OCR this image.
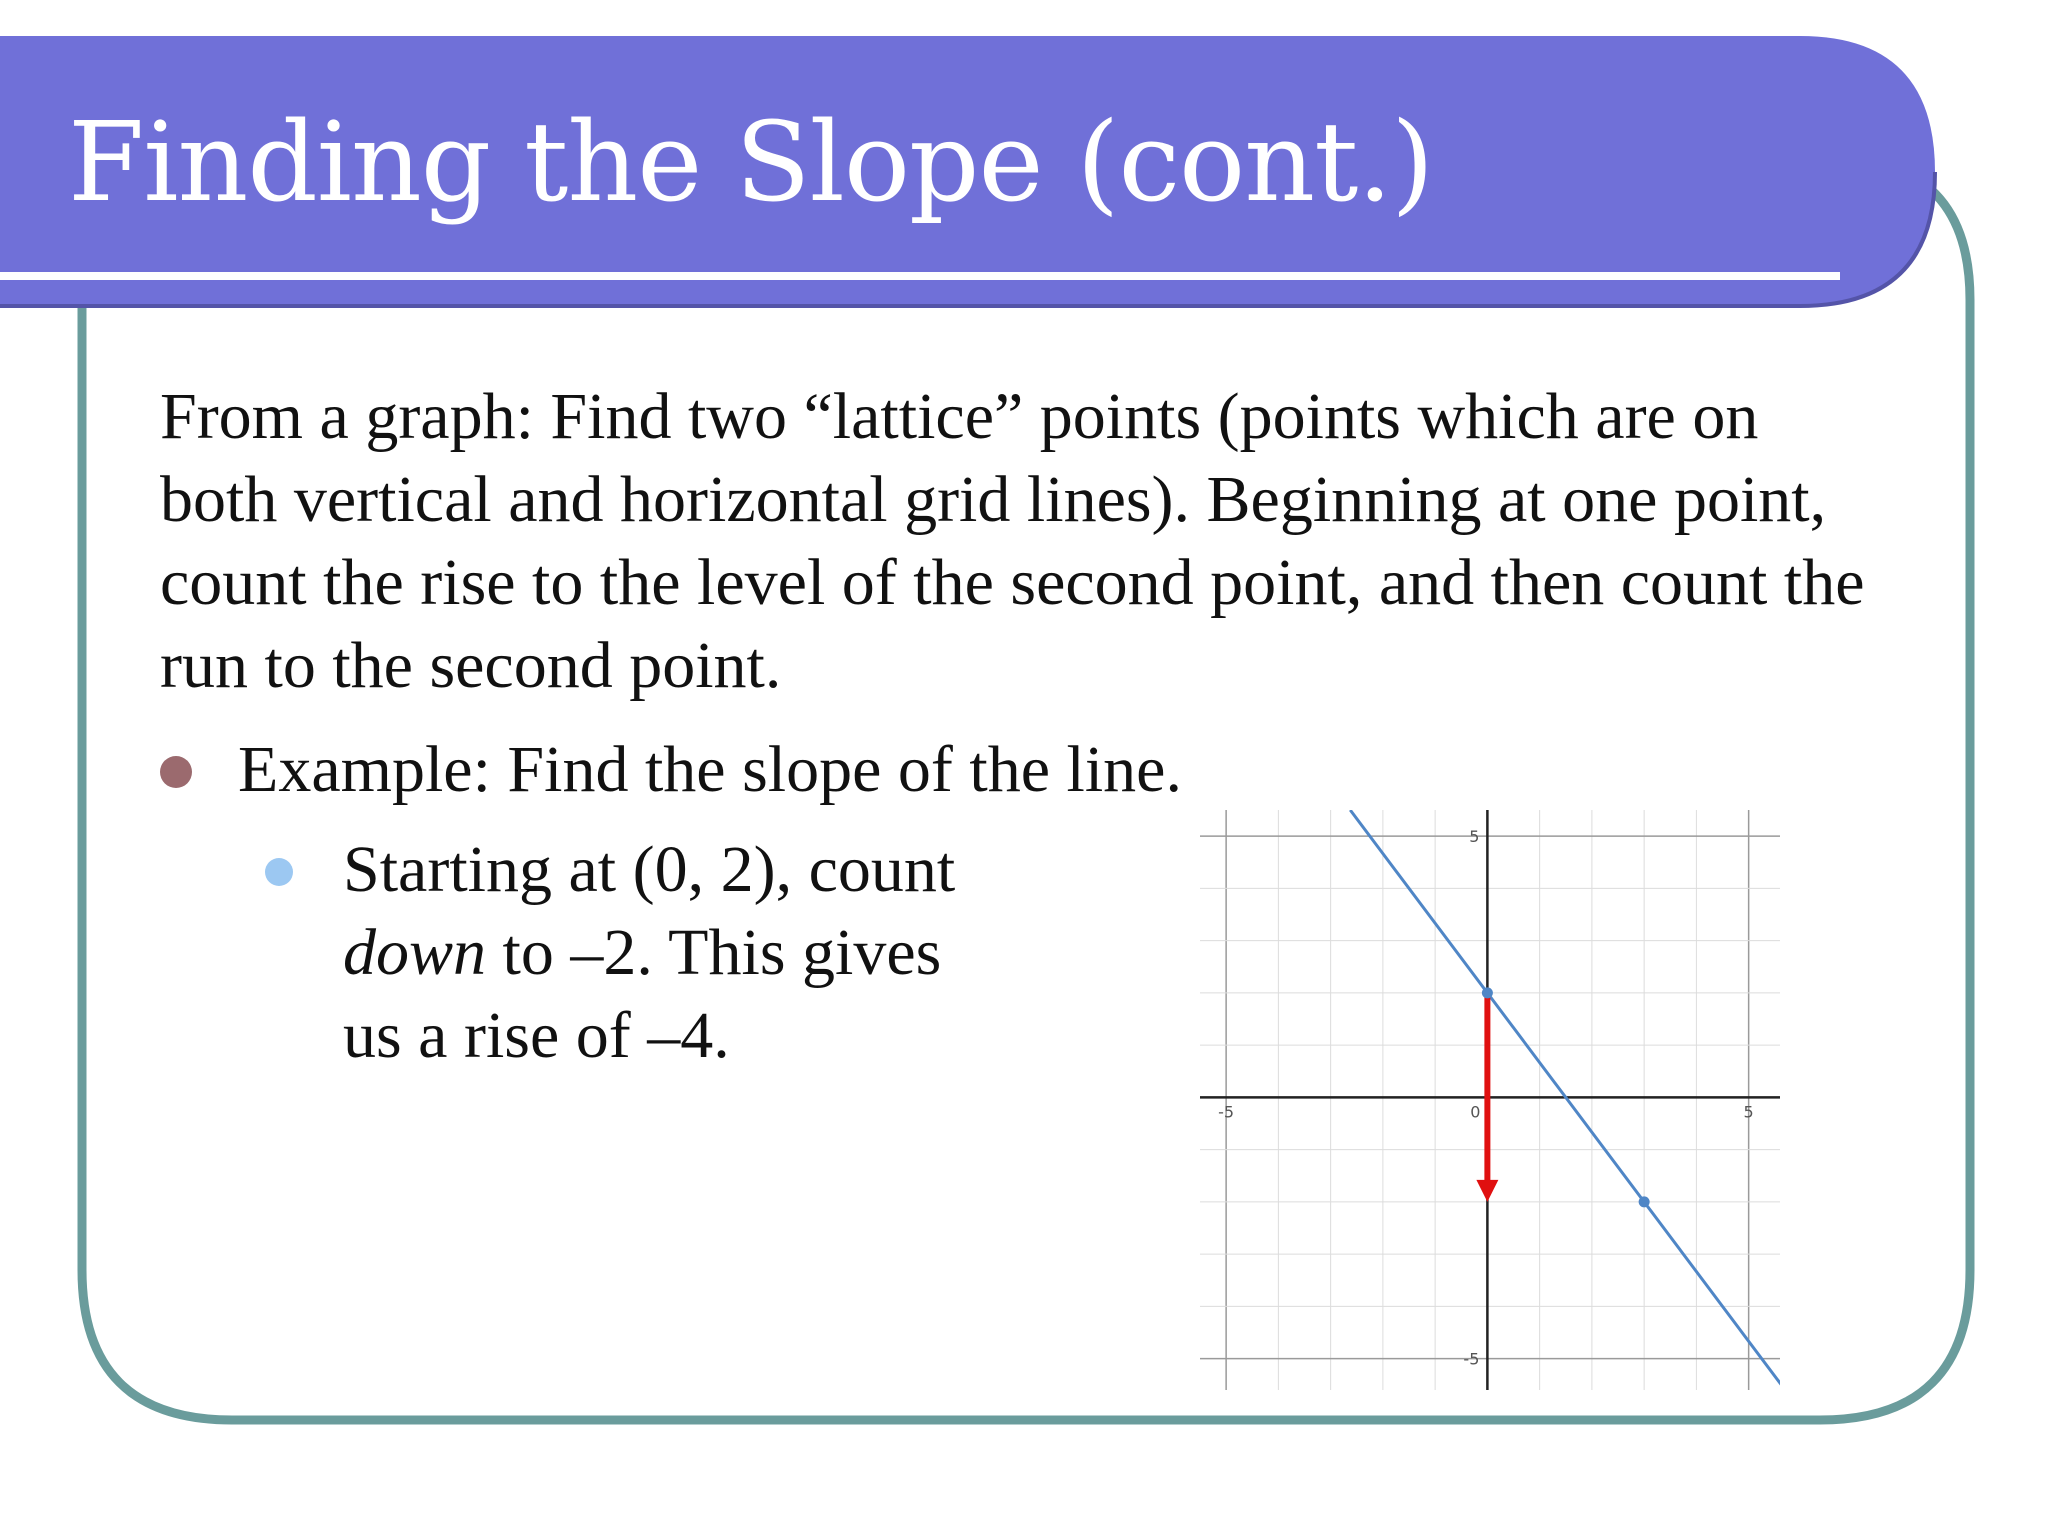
Finding the Slope (cont.)
From a graph: Find two “lattice” points (points which are on both vertical and horizontal grid lines). Beginning at one point, count the rise to the level of the second point, and then count the run to the second point.
Example: Find the slope of the line.
Starting at (0, 2), count
down to –2. This gives
us a rise of –4.
-5	0	5
5
-5
